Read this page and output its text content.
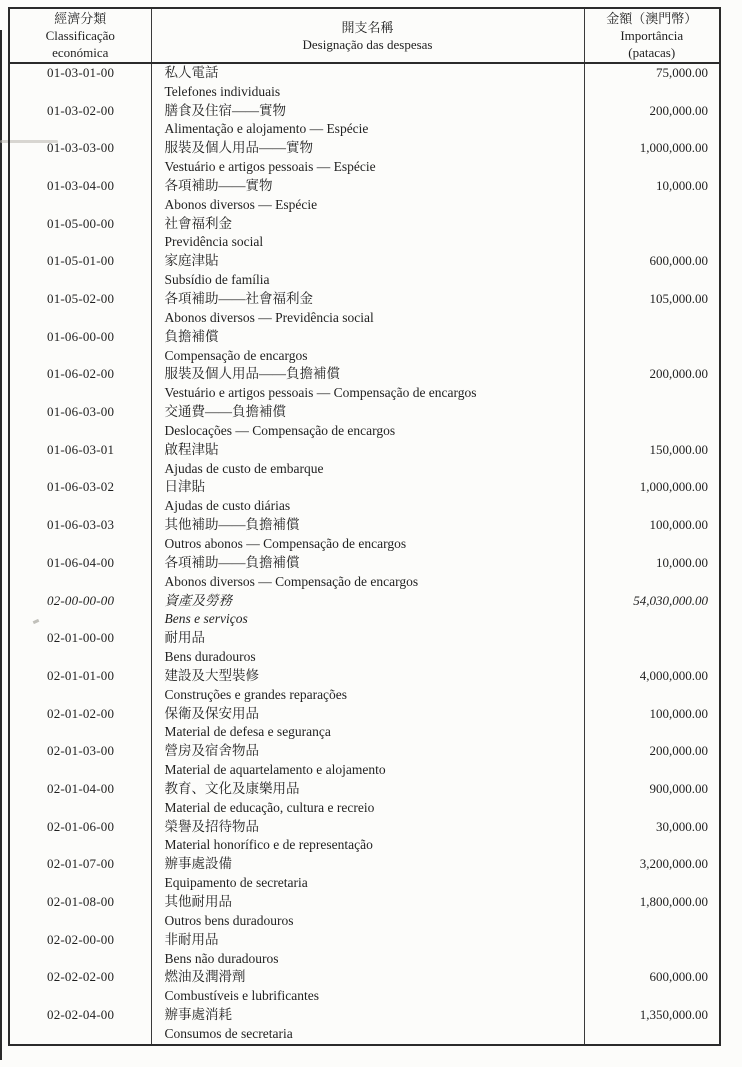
經濟分類
Classificação
económica

開支名稱
Designação das despesas

金額（澳門幣）
Importância
(patacas)

01-03-01-00	私人電話
Telefones individuais	75,000.00
01-03-02-00	膳食及住宿——實物
Alimentação e alojamento — Espécie	200,000.00
01-03-03-00	服裝及個人用品——實物
Vestuário e artigos pessoais — Espécie	1,000,000.00
01-03-04-00	各項補助——實物
Abonos diversos — Espécie	10,000.00
01-05-00-00	社會福利金
Previdência social	

01-05-01-00	家庭津貼
Subsídio de família	600,000.00
01-05-02-00	各項補助——社會福利金
Abonos diversos — Previdência social	105,000.00
01-06-00-00	負擔補償
Compensação de encargos	

01-06-02-00	服裝及個人用品——負擔補償
Vestuário e artigos pessoais — Compensação de encargos	200,000.00
01-06-03-00	交通費——負擔補償
Deslocações — Compensação de encargos	

01-06-03-01	啟程津貼
Ajudas de custo de embarque	150,000.00
01-06-03-02	日津貼
Ajudas de custo diárias	1,000,000.00
01-06-03-03	其他補助——負擔補償
Outros abonos — Compensação de encargos	100,000.00
01-06-04-00	各項補助——負擔補償
Abonos diversos — Compensação de encargos	10,000.00
02-00-00-00	資產及勞務
Bens e serviços	54,030,000.00
02-01-00-00	耐用品
Bens duradouros	

02-01-01-00	建設及大型裝修
Construções e grandes reparações	4,000,000.00
02-01-02-00	保衛及保安用品
Material de defesa e segurança	100,000.00
02-01-03-00	營房及宿舍物品
Material de aquartelamento e alojamento	200,000.00
02-01-04-00	教育、文化及康樂用品
Material de educação, cultura e recreio	900,000.00
02-01-06-00	榮譽及招待物品
Material honorífico e de representação	30,000.00
02-01-07-00	辦事處設備
Equipamento de secretaria	3,200,000.00
02-01-08-00	其他耐用品
Outros bens duradouros	1,800,000.00
02-02-00-00	非耐用品
Bens não duradouros	

02-02-02-00	燃油及潤滑劑
Combustíveis e lubrificantes	600,000.00
02-02-04-00	辦事處消耗
Consumos de secretaria	1,350,000.00
